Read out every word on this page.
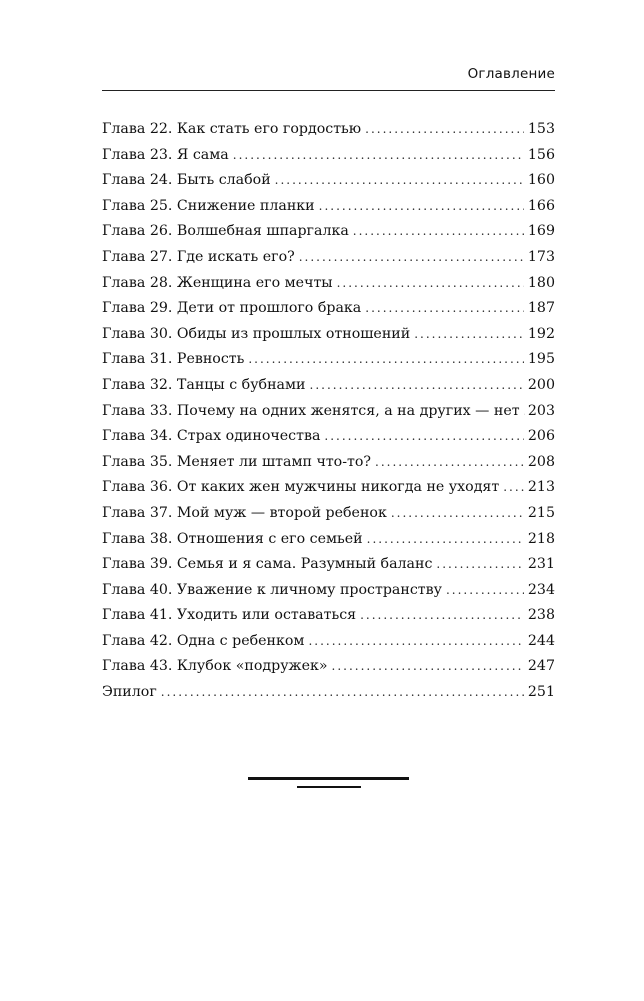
Оглавление
Глава 22. Как стать его гордостью .....	153
Глава 23. Я сама .....	156
Глава 24. Быть слабой .....	160
Глава 25. Снижение планки .....	166
Глава 26. Волшебная шпаргалка .....	169
Глава 27. Где искать его? .....	173
Глава 28. Женщина его мечты .....	180
Глава 29. Дети от прошлого брака .....	187
Глава 30. Обиды из прошлых отношений .....	192
Глава 31. Ревность .....	195
Глава 32. Танцы с бубнами .....	200
Глава 33. Почему на одних женятся, а на других — нет ..... 203
Глава 34. Страх одиночества .....	206
Глава 35. Меняет ли штамп что-то? .....	208
Глава 36. От каких жен мужчины никогда не уходят ..... 213
Глава 37. Мой муж — второй ребенок .....	215
Глава 38. Отношения с его семьей .....	218
Глава 39. Семья и я сама. Разумный баланс .....	231
Глава 40. Уважение к личному пространству .....	234
Глава 41. Уходить или оставаться .....	238
Глава 42. Одна с ребенком .....	244
Глава 43. Клубок «подружек» .....	247
Эпилог .....	251
